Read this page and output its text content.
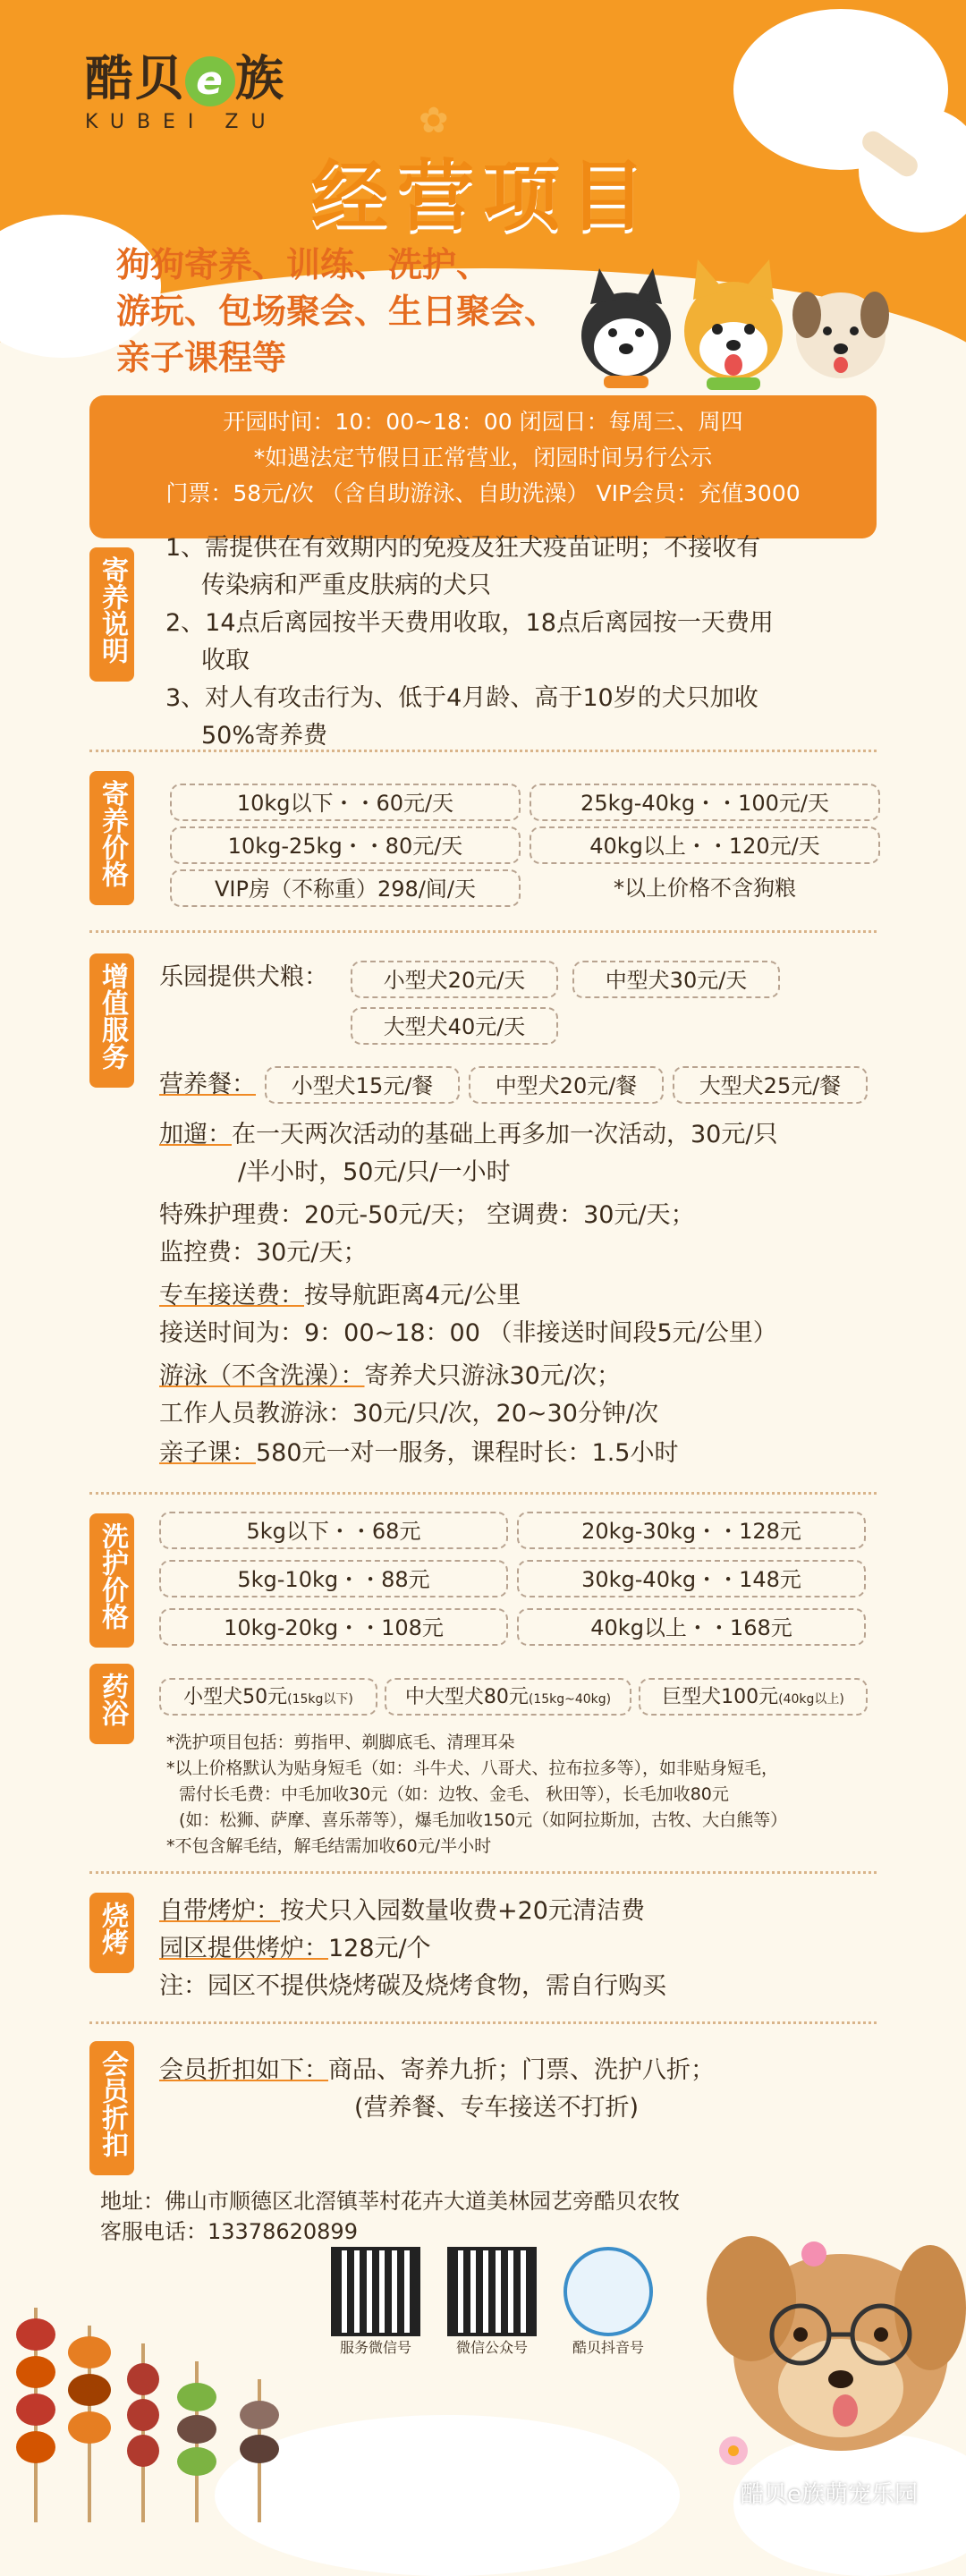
✿
酷贝 e 族
KUBEI ZU
经营项目
狗狗寄养、训练、洗护、
游玩、包场聚会、生日聚会、
亲子课程等
开园时间：10：00~18：00 闭园日：每周三、周四
*如遇法定节假日正常营业，闭园时间另行公示
门票：58元/次 （含自助游泳、自助洗澡） VIP会员：充值3000
寄养说明
1、需提供在有效期内的免疫及狂犬疫苗证明；不接收有
传染病和严重皮肤病的犬只
2、14点后离园按半天费用收取，18点后离园按一天费用
收取
3、对人有攻击行为、低于4月龄、高于10岁的犬只加收
50%寄养费
寄养价格	10kg以下・・60元/天	25kg-40kg・・100元/天
10kg-25kg・・80元/天	40kg以上・・120元/天
VIP房（不称重）298/间/天	*以上价格不含狗粮
增值服务 乐园提供犬粮：	小型犬20元/天	中型犬30元/天
大型犬40元/天
营养餐：	小型犬15元/餐	中型犬20元/餐	大型犬25元/餐
加遛：在一天两次活动的基础上再多加一次活动，30元/只
/半小时，50元/只/一小时
特殊护理费：20元-50元/天； 空调费：30元/天；
监控费：30元/天；
专车接送费：按导航距离4元/公里
接送时间为：9：00~18：00 （非接送时间段5元/公里）
游泳（不含洗澡）：寄养犬只游泳30元/次；
工作人员教游泳：30元/只/次，20~30分钟/次
亲子课：580元一对一服务，课程时长：1.5小时
洗护价格	5kg以下・・68元	20kg-30kg・・128元
5kg-10kg・・88元	30kg-40kg・・148元
10kg-20kg・・108元	40kg以上・・168元
药浴	小型犬50元(15kg以下)	中大型犬80元(15kg~40kg)	巨型犬100元(40kg以上)
*洗护项目包括：剪指甲、剃脚底毛、清理耳朵
*以上价格默认为贴身短毛（如：斗牛犬、八哥犬、拉布拉多等），如非贴身短毛，
需付长毛费：中毛加收30元（如：边牧、金毛、 秋田等），长毛加收80元
(如：松狮、萨摩、喜乐蒂等），爆毛加收150元（如阿拉斯加，古牧、大白熊等）
*不包含解毛结，解毛结需加收60元/半小时
烧烤 自带烤炉：按犬只入园数量收费+20元清洁费
园区提供烤炉：128元/个
注：园区不提供烧烤碳及烧烤食物，需自行购买
会员折扣 会员折扣如下：商品、寄养九折；门票、洗护八折；
(营养餐、专车接送不打折)
地址：佛山市顺德区北滘镇莘村花卉大道美林园艺旁酷贝农牧
客服电话：13378620899
服务微信号	微信公众号	酷贝抖音号
酷贝e族萌宠乐园
